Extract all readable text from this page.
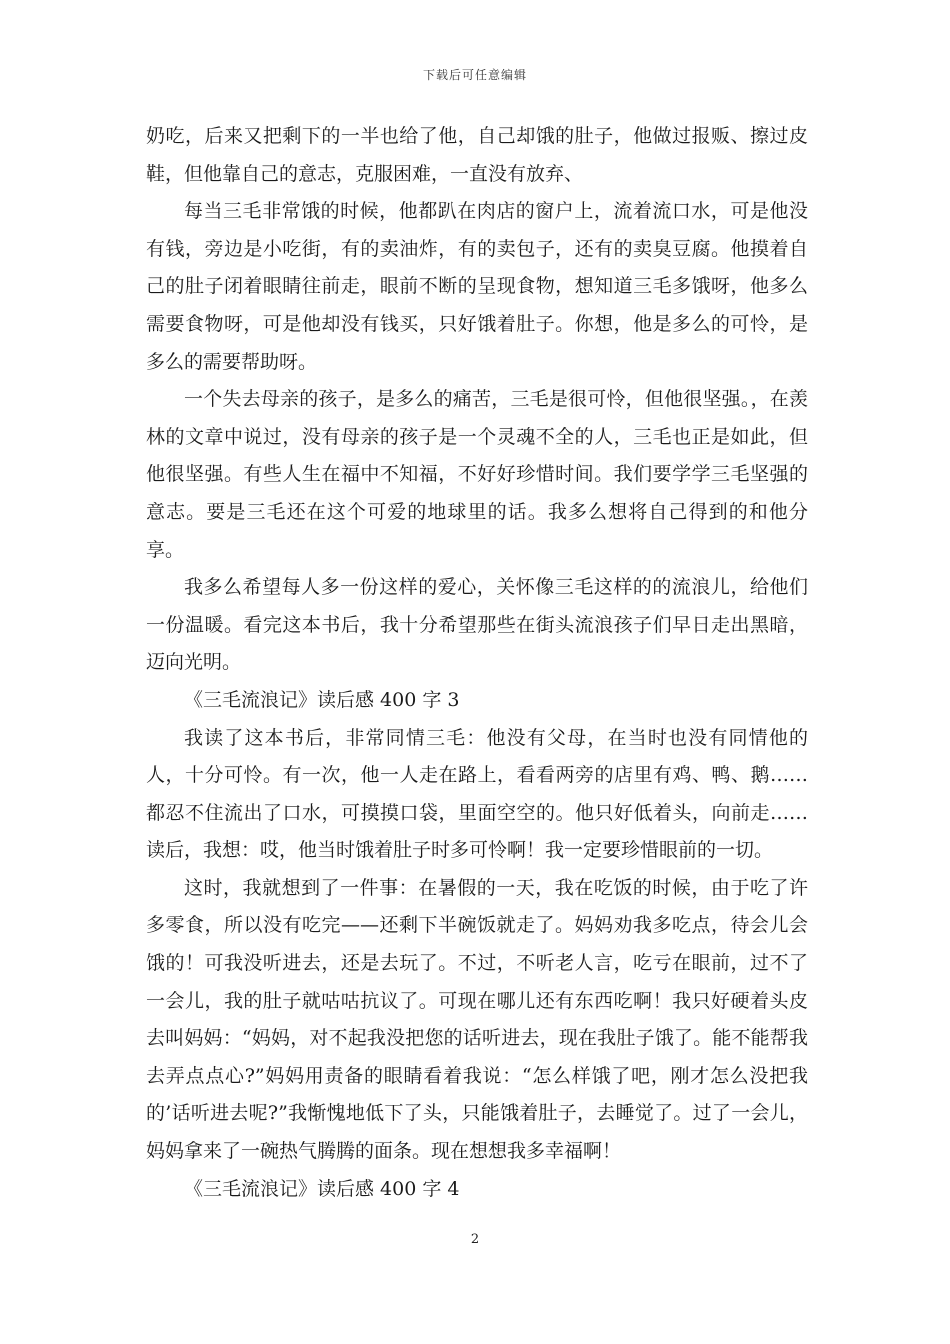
下载后可任意编辑

奶吃，后来又把剩下的一半也给了他，自己却饿的肚子，他做过报贩、擦过皮鞋，但他靠自己的意志，克服困难，一直没有放弃、

每当三毛非常饿的时候，他都趴在肉店的窗户上，流着流口水，可是他没有钱，旁边是小吃街，有的卖油炸，有的卖包子，还有的卖臭豆腐。他摸着自己的肚子闭着眼睛往前走，眼前不断的呈现食物，想知道三毛多饿呀，他多么需要食物呀，可是他却没有钱买，只好饿着肚子。你想，他是多么的可怜，是多么的需要帮助呀。

一个失去母亲的孩子，是多么的痛苦，三毛是很可怜，但他很坚强。，在羡林的文章中说过，没有母亲的孩子是一个灵魂不全的人，三毛也正是如此，但他很坚强。有些人生在福中不知福，不好好珍惜时间。我们要学学三毛坚强的意志。要是三毛还在这个可爱的地球里的话。我多么想将自己得到的和他分享。

我多么希望每人多一份这样的爱心，关怀像三毛这样的的流浪儿，给他们一份温暖。看完这本书后，我十分希望那些在街头流浪孩子们早日走出黑暗，迈向光明。

《三毛流浪记》读后感 400 字 3

我读了这本书后，非常同情三毛：他没有父母，在当时也没有同情他的人，十分可怜。有一次，他一人走在路上，看看两旁的店里有鸡、鸭、鹅……都忍不住流出了口水，可摸摸口袋，里面空空的。他只好低着头，向前走……读后，我想：哎，他当时饿着肚子时多可怜啊！我一定要珍惜眼前的一切。

这时，我就想到了一件事：在暑假的一天，我在吃饭的时候，由于吃了许多零食，所以没有吃完——还剩下半碗饭就走了。妈妈劝我多吃点，待会儿会饿的！可我没听进去，还是去玩了。不过，不听老人言，吃亏在眼前，过不了一会儿，我的肚子就咕咕抗议了。可现在哪儿还有东西吃啊！我只好硬着头皮去叫妈妈：“妈妈，对不起我没把您的话听进去，现在我肚子饿了。能不能帮我去弄点点心?”妈妈用责备的眼睛看着我说：“怎么样饿了吧，刚才怎么没把我的’话听进去呢?”我惭愧地低下了头，只能饿着肚子，去睡觉了。过了一会儿，妈妈拿来了一碗热气腾腾的面条。现在想想我多幸福啊！

《三毛流浪记》读后感 400 字 4

2
